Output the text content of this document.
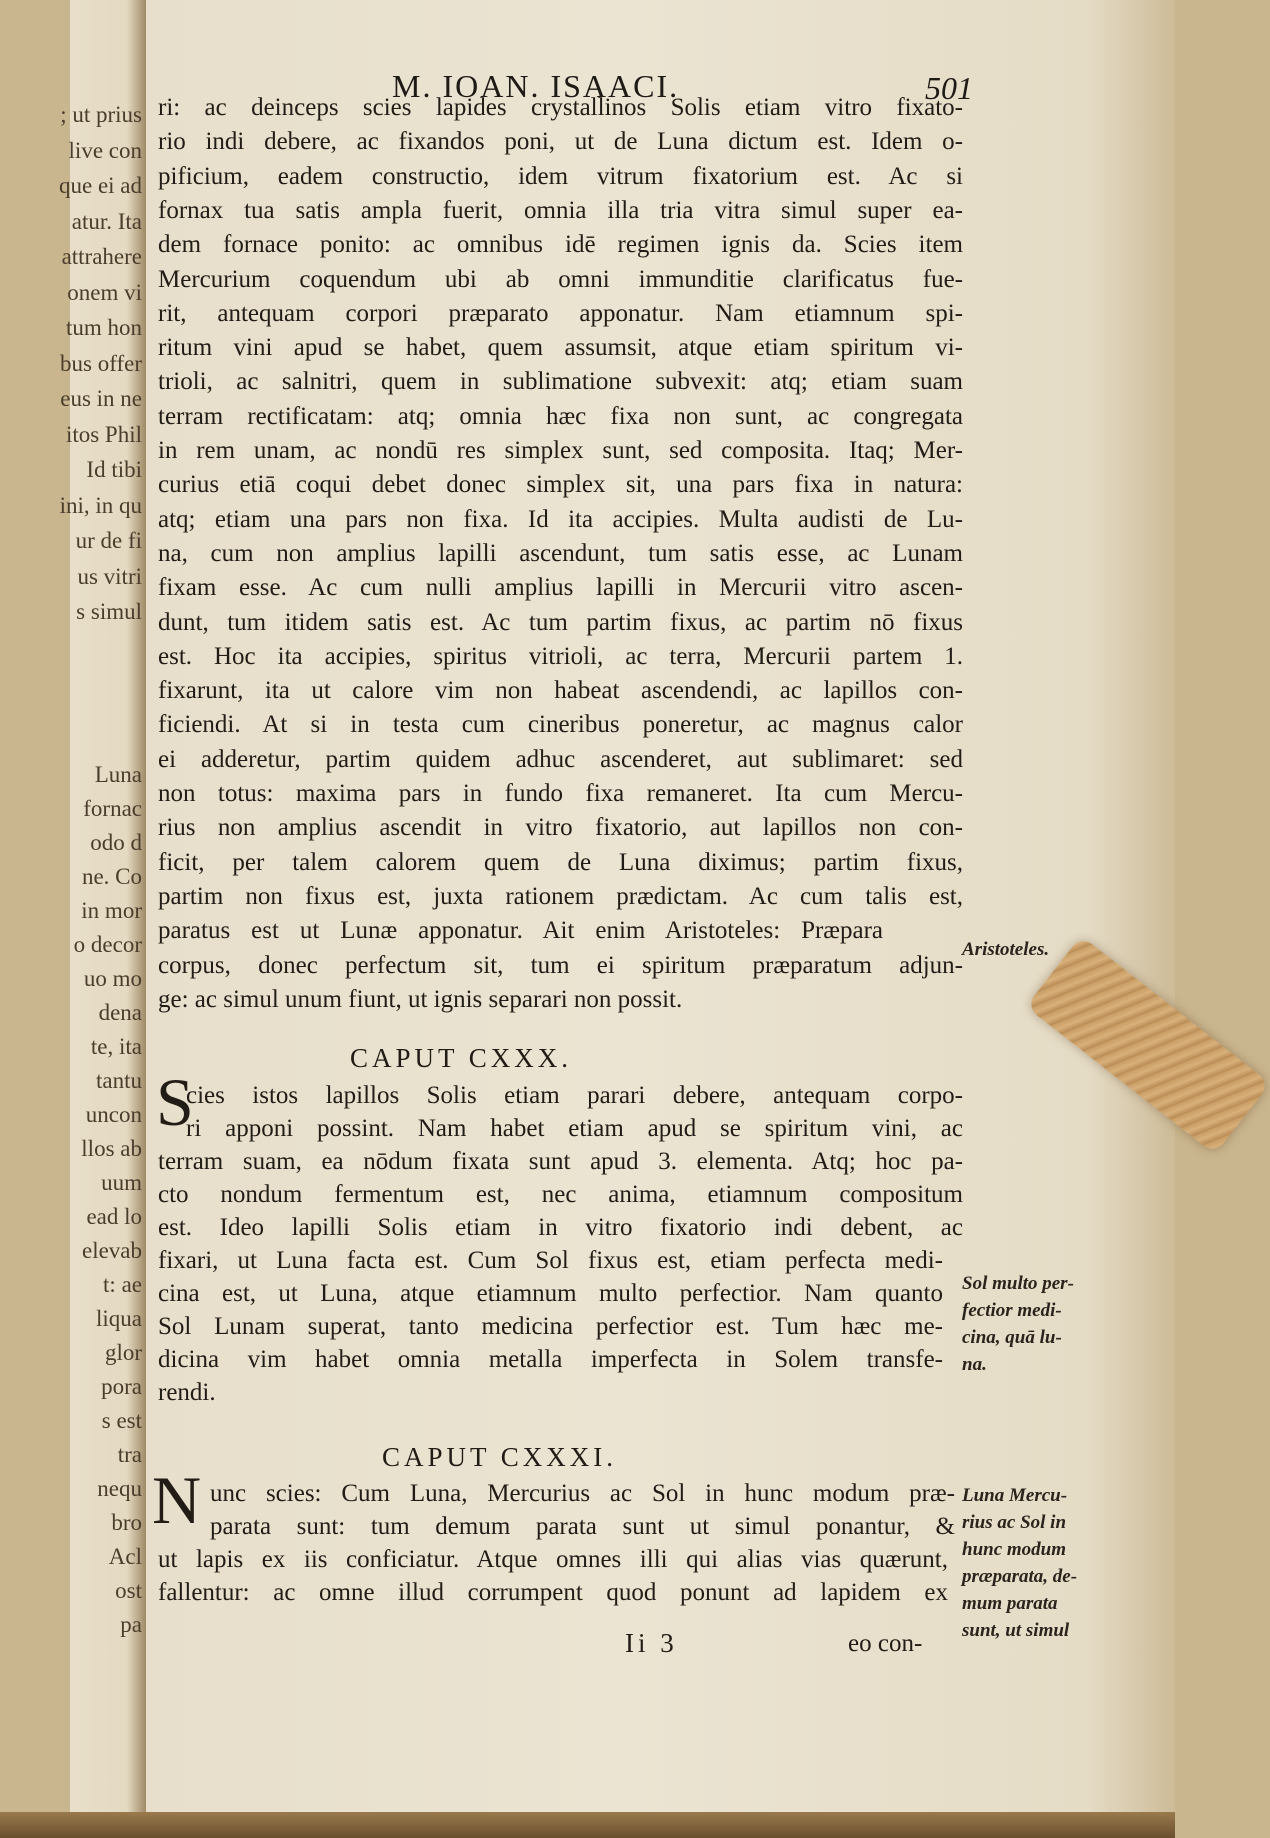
; ut prius
live con
que ei ad
atur. Ita
attrahere
onem vi
tum hon
bus offer
eus in ne
itos Phil
Id tibi
ini, in qu
ur de fi
us vitri
s simul
Luna
fornac
odo d
ne. Co
in mor
o decor
uo mo
dena
te, ita
tantu
uncon
llos ab
uum
ead lo
elevab
t: ae
liqua
glor
pora
s est
tra
nequ
bro
Acl
ost
pa
M. IOAN. ISAACI.	501
ri: ac deinceps scies lapides crystallinos Solis etiam vitro fixato-
rio indi debere, ac fixandos poni, ut de Luna dictum est. Idem o-
pificium, eadem constructio, idem vitrum fixatorium est. Ac si
fornax tua satis ampla fuerit, omnia illa tria vitra simul super ea-
dem fornace ponito: ac omnibus idē regimen ignis da. Scies item
Mercurium coquendum ubi ab omni immunditie clarificatus fue-
rit, antequam corpori præparato apponatur. Nam etiamnum spi-
ritum vini apud se habet, quem assumsit, atque etiam spiritum vi-
trioli, ac salnitri, quem in sublimatione subvexit: atq; etiam suam
terram rectificatam: atq; omnia hæc fixa non sunt, ac congregata
in rem unam, ac nondū res simplex sunt, sed composita. Itaq; Mer-
curius etiā coqui debet donec simplex sit, una pars fixa in natura:
atq; etiam una pars non fixa. Id ita accipies. Multa audisti de Lu-
na, cum non amplius lapilli ascendunt, tum satis esse, ac Lunam
fixam esse. Ac cum nulli amplius lapilli in Mercurii vitro ascen-
dunt, tum itidem satis est. Ac tum partim fixus, ac partim nō fixus
est. Hoc ita accipies, spiritus vitrioli, ac terra, Mercurii partem 1.
fixarunt, ita ut calore vim non habeat ascendendi, ac lapillos con-
ficiendi. At si in testa cum cineribus poneretur, ac magnus calor
ei adderetur, partim quidem adhuc ascenderet, aut sublimaret: sed
non totus: maxima pars in fundo fixa remaneret. Ita cum Mercu-
rius non amplius ascendit in vitro fixatorio, aut lapillos non con-
ficit, per talem calorem quem de Luna diximus; partim fixus,
partim non fixus est, juxta rationem prædictam. Ac cum talis est,
paratus est ut Lunæ apponatur. Ait enim Aristoteles: Præpara
corpus, donec perfectum sit, tum ei spiritum præparatum adjun-
ge: ac simul unum fiunt, ut ignis separari non possit.
CAPUT CXXX.
S
cies istos lapillos Solis etiam parari debere, antequam corpo-
ri apponi possint. Nam habet etiam apud se spiritum vini, ac
terram suam, ea nōdum fixata sunt apud 3. elementa. Atq; hoc pa-
cto nondum fermentum est, nec anima, etiamnum compositum
est. Ideo lapilli Solis etiam in vitro fixatorio indi debent, ac
fixari, ut Luna facta est. Cum Sol fixus est, etiam perfecta medi-
cina est, ut Luna, atque etiamnum multo perfectior. Nam quanto
Sol Lunam superat, tanto medicina perfectior est. Tum hæc me-
dicina vim habet omnia metalla imperfecta in Solem transfe-
rendi.
CAPUT CXXXI.
N unc scies: Cum Luna, Mercurius ac Sol in hunc modum præ-
parata sunt: tum demum parata sunt ut simul ponantur, &
ut lapis ex iis conficiatur. Atque omnes illi qui alias vias quærunt,
fallentur: ac omne illud corrumpent quod ponunt ad lapidem ex
Aristoteles.
Sol multo per-
fectior medi-
cina, quā lu-
na.
Luna Mercu-
rius ac Sol in
hunc modum
præparata, de-
mum parata
sunt, ut simul
Ii 3	eo con-
